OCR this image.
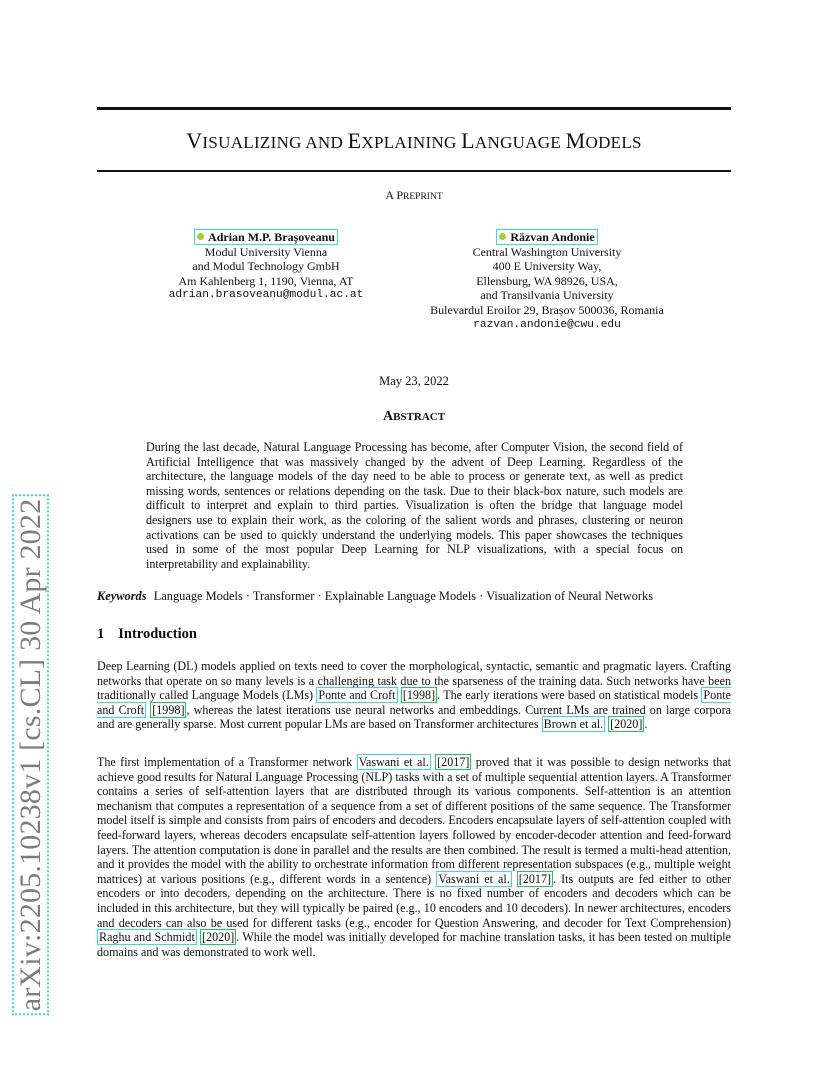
arXiv:2205.10238v1 [cs.CL] 30 Apr 2022
VISUALIZING AND EXPLAINING LANGUAGE MODELS
A PREPRINT
Adrian M.P. Brașoveanu
Modul University Vienna
and Modul Technology GmbH
Am Kahlenberg 1, 1190, Vienna, AT
adrian.brasoveanu@modul.ac.at
Răzvan Andonie
Central Washington University
400 E University Way,
Ellensburg, WA 98926, USA,
and Transilvania University
Bulevardul Eroilor 29, Brașov 500036, Romania
razvan.andonie@cwu.edu
May 23, 2022
ABSTRACT
During the last decade, Natural Language Processing has become, after Computer Vision, the second field of Artificial Intelligence that was massively changed by the advent of Deep Learning. Regardless of the architecture, the language models of the day need to be able to process or generate text, as well as predict missing words, sentences or relations depending on the task. Due to their black-box nature, such models are difficult to interpret and explain to third parties. Visualization is often the bridge that language model designers use to explain their work, as the coloring of the salient words and phrases, clustering or neuron activations can be used to quickly understand the underlying models. This paper showcases the techniques used in some of the most popular Deep Learning for NLP visualizations, with a special focus on interpretability and explainability.
Keywords Language Models · Transformer · Explainable Language Models · Visualization of Neural Networks
1 Introduction

Deep Learning (DL) models applied on texts need to cover the morphological, syntactic, semantic and pragmatic layers. Crafting networks that operate on so many levels is a challenging task due to the sparseness of the training data. Such networks have been traditionally called Language Models (LMs) Ponte and Croft [1998] . The early iterations were based on statistical models Ponte and Croft [1998] , whereas the latest iterations use neural networks and embeddings. Current LMs are trained on large corpora and are generally sparse. Most current popular LMs are based on Transformer architectures Brown et al. [2020] .

The first implementation of a Transformer network Vaswani et al. [2017] proved that it was possible to design networks that achieve good results for Natural Language Processing (NLP) tasks with a set of multiple sequential attention layers. A Transformer contains a series of self-attention layers that are distributed through its various components. Self-attention is an attention mechanism that computes a representation of a sequence from a set of different positions of the same sequence. The Transformer model itself is simple and consists from pairs of encoders and decoders. Encoders encapsulate layers of self-attention coupled with feed-forward layers, whereas decoders encapsulate self-attention layers followed by encoder-decoder attention and feed-forward layers. The attention computation is done in parallel and the results are then combined. The result is termed a multi-head attention, and it provides the model with the ability to orchestrate information from different representation subspaces (e.g., multiple weight matrices) at various positions (e.g., different words in a sentence) Vaswani et al. [2017] . Its outputs are fed either to other encoders or into decoders, depending on the architecture. There is no fixed number of encoders and decoders which can be included in this architecture, but they will typically be paired (e.g., 10 encoders and 10 decoders). In newer architectures, encoders and decoders can also be used for different tasks (e.g., encoder for Question Answering, and decoder for Text Comprehension) Raghu and Schmidt [2020] . While the model was initially developed for machine translation tasks, it has been tested on multiple domains and was demonstrated to work well.
